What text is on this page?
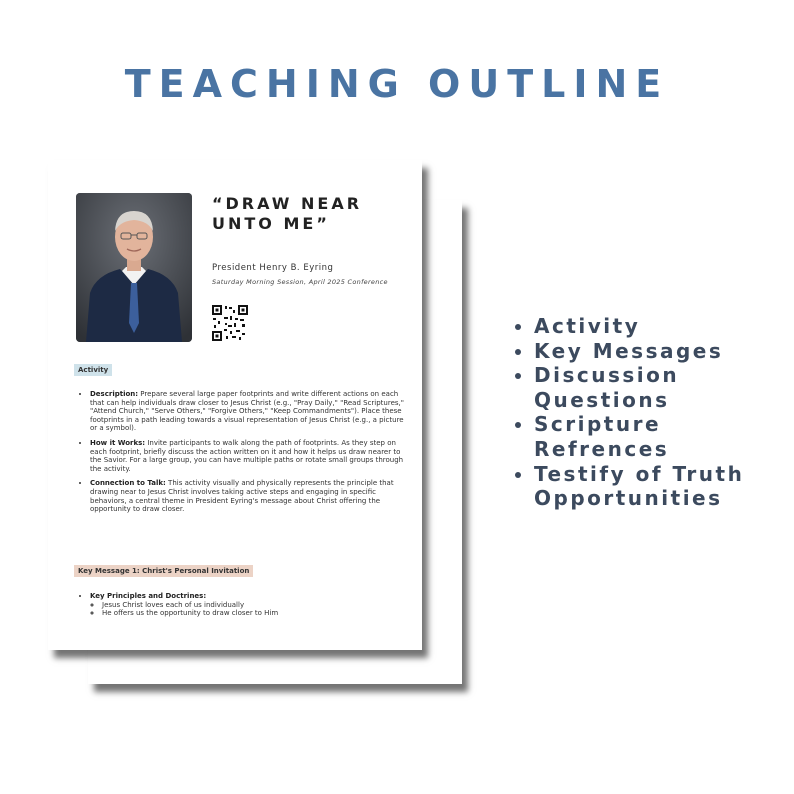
TEACHING OUTLINE
“DRAW NEAR UNTO ME”
President Henry B. Eyring
Saturday Morning Session, April 2025 Conference
Activity
• Description: Prepare several large paper footprints and write different actions on each that can help individuals draw closer to Jesus Christ (e.g., "Pray Daily," "Read Scriptures," "Attend Church," "Serve Others," "Forgive Others," "Keep Commandments"). Place these footprints in a path leading towards a visual representation of Jesus Christ (e.g., a picture or a symbol).
• How it Works: Invite participants to walk along the path of footprints. As they step on each footprint, briefly discuss the action written on it and how it helps us draw nearer to the Savior. For a large group, you can have multiple paths or rotate small groups through the activity.
• Connection to Talk: This activity visually and physically represents the principle that drawing near to Jesus Christ involves taking active steps and engaging in specific behaviors, a central theme in President Eyring's message about Christ offering the opportunity to draw closer.
Key Message 1: Christ's Personal Invitation
• Key Principles and Doctrines:
◦ Jesus Christ loves each of us individually
◦ He offers us the opportunity to draw closer to Him
• Activity
• Key Messages
• Discussion Questions
• Scripture Refrences
• Testify of Truth Opportunities
